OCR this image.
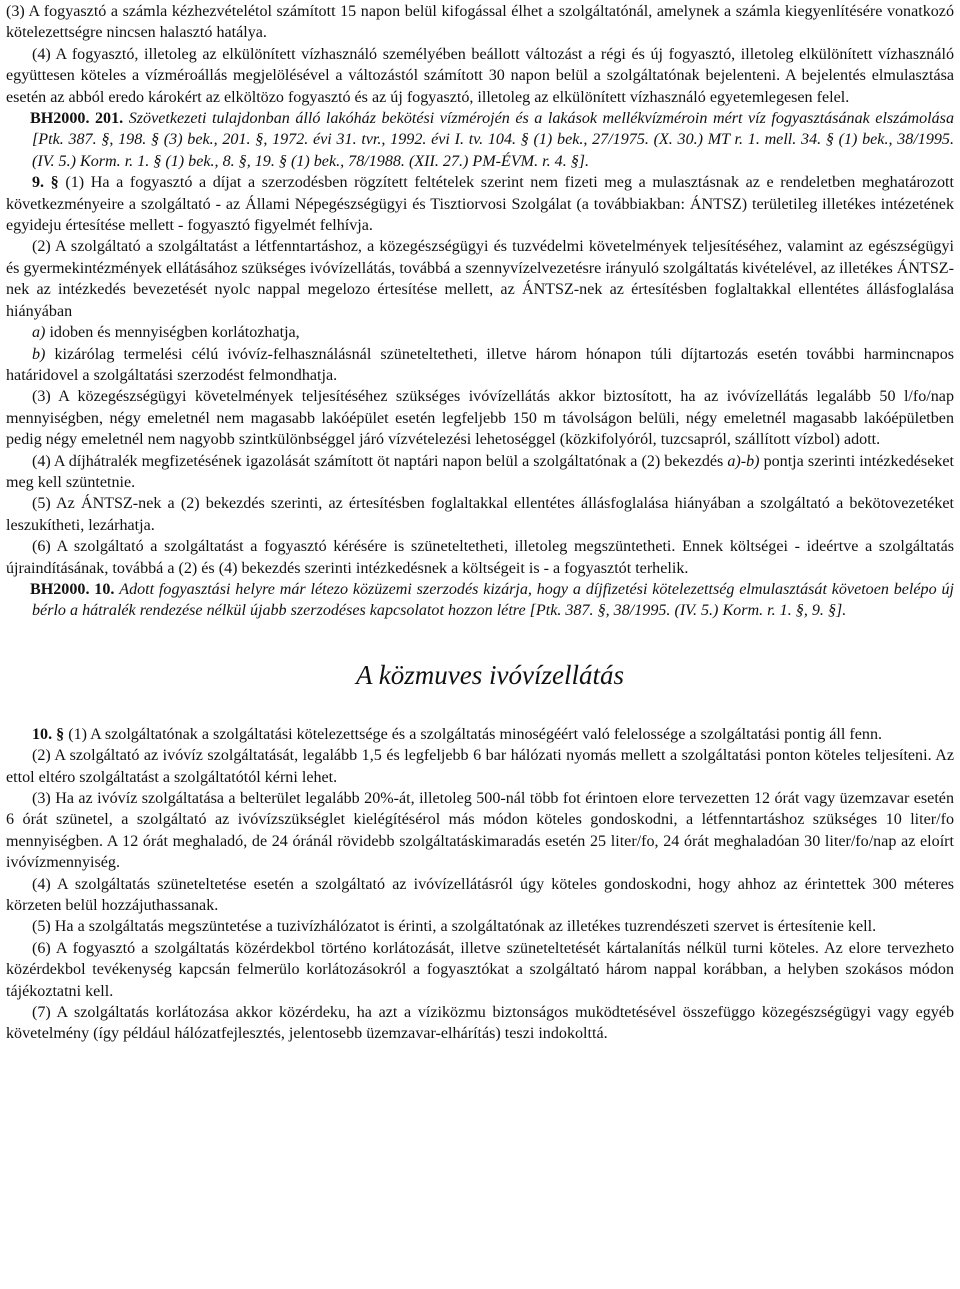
(3) A fogyasztó a számla kézhezvételétol számított 15 napon belül kifogással élhet a szolgáltatónál, amelynek a számla kiegyenlítésére vonatkozó kötelezettségre nincsen halasztó hatálya.

(4) A fogyasztó, illetoleg az elkülönített vízhasználó személyében beállott változást a régi és új fogyasztó, illetoleg elkülönített vízhasználó együttesen köteles a vízméroállás megjelölésével a változástól számított 30 napon belül a szolgáltatónak bejelenteni. A bejelentés elmulasztása esetén az abból eredo károkért az elköltözo fogyasztó és az új fogyasztó, illetoleg az elkülönített vízhasználó egyetemlegesen felel.

BH2000. 201. Szövetkezeti tulajdonban álló lakóház bekötési vízmérojén és a lakások mellékvízméroin mért víz fogyasztásának elszámolása [Ptk. 387. §, 198. § (3) bek., 201. §, 1972. évi 31. tvr., 1992. évi I. tv. 104. § (1) bek., 27/1975. (X. 30.) MT r. 1. mell. 34. § (1) bek., 38/1995. (IV. 5.) Korm. r. 1. § (1) bek., 8. §, 19. § (1) bek., 78/1988. (XII. 27.) PM-ÉVM. r. 4. §].

9. § (1) Ha a fogyasztó a díjat a szerzodésben rögzített feltételek szerint nem fizeti meg a mulasztásnak az e rendeletben meghatározott következményeire a szolgáltató - az Állami Népegészségügyi és Tisztiorvosi Szolgálat (a továbbiakban: ÁNTSZ) területileg illetékes intézetének egyideju értesítése mellett - fogyasztó figyelmét felhívja.

(2) A szolgáltató a szolgáltatást a létfenntartáshoz, a közegészségügyi és tuzvédelmi követelmények teljesítéséhez, valamint az egészségügyi és gyermekintézmények ellátásához szükséges ivóvízellátás, továbbá a szennyvízelvezetésre irányuló szolgáltatás kivételével, az illetékes ÁNTSZ-nek az intézkedés bevezetését nyolc nappal megelozo értesítése mellett, az ÁNTSZ-nek az értesítésben foglaltakkal ellentétes állásfoglalása hiányában

a) idoben és mennyiségben korlátozhatja,

b) kizárólag termelési célú ivóvíz-felhasználásnál szüneteltetheti, illetve három hónapon túli díjtartozás esetén további harmincnapos határidovel a szolgáltatási szerzodést felmondhatja.

(3) A közegészségügyi követelmények teljesítéséhez szükséges ivóvízellátás akkor biztosított, ha az ivóvízellátás legalább 50 l/fo/nap mennyiségben, négy emeletnél nem magasabb lakóépület esetén legfeljebb 150 m távolságon belüli, négy emeletnél magasabb lakóépületben pedig négy emeletnél nem nagyobb szintkülönbséggel járó vízvételezési lehetoséggel (közkifolyóról, tuzcsapról, szállított vízbol) adott.

(4) A díjhátralék megfizetésének igazolását számított öt naptári napon belül a szolgáltatónak a (2) bekezdés a)-b) pontja szerinti intézkedéseket meg kell szüntetnie.

(5) Az ÁNTSZ-nek a (2) bekezdés szerinti, az értesítésben foglaltakkal ellentétes állásfoglalása hiányában a szolgáltató a bekötovezetéket leszukítheti, lezárhatja.

(6) A szolgáltató a szolgáltatást a fogyasztó kérésére is szüneteltetheti, illetoleg megszüntetheti. Ennek költségei - ideértve a szolgáltatás újraindításának, továbbá a (2) és (4) bekezdés szerinti intézkedésnek a költségeit is - a fogyasztót terhelik.

BH2000. 10. Adott fogyasztási helyre már létezo közüzemi szerzodés kizárja, hogy a díjfizetési kötelezettség elmulasztását követoen belépo új bérlo a hátralék rendezése nélkül újabb szerzodéses kapcsolatot hozzon létre [Ptk. 387. §, 38/1995. (IV. 5.) Korm. r. 1. §, 9. §].

A közmuves ivóvízellátás

10. § (1) A szolgáltatónak a szolgáltatási kötelezettsége és a szolgáltatás minoségéért való felelossége a szolgáltatási pontig áll fenn.

(2) A szolgáltató az ivóvíz szolgáltatását, legalább 1,5 és legfeljebb 6 bar hálózati nyomás mellett a szolgáltatási ponton köteles teljesíteni. Az ettol eltéro szolgáltatást a szolgáltatótól kérni lehet.

(3) Ha az ivóvíz szolgáltatása a belterület legalább 20%-át, illetoleg 500-nál több fot érintoen elore tervezetten 12 órát vagy üzemzavar esetén 6 órát szünetel, a szolgáltató az ivóvízszükséglet kielégítésérol más módon köteles gondoskodni, a létfenntartáshoz szükséges 10 liter/fo mennyiségben. A 12 órát meghaladó, de 24 óránál rövidebb szolgáltatáskimaradás esetén 25 liter/fo, 24 órát meghaladóan 30 liter/fo/nap az eloírt ivóvízmennyiség.

(4) A szolgáltatás szüneteltetése esetén a szolgáltató az ivóvízellátásról úgy köteles gondoskodni, hogy ahhoz az érintettek 300 méteres körzeten belül hozzájuthassanak.

(5) Ha a szolgáltatás megszüntetése a tuzivízhálózatot is érinti, a szolgáltatónak az illetékes tuzrendészeti szervet is értesítenie kell.

(6) A fogyasztó a szolgáltatás közérdekbol történo korlátozását, illetve szüneteltetését kártalanítás nélkül turni köteles. Az elore tervezheto közérdekbol tevékenység kapcsán felmerülo korlátozásokról a fogyasztókat a szolgáltató három nappal korábban, a helyben szokásos módon tájékoztatni kell.

(7) A szolgáltatás korlátozása akkor közérdeku, ha azt a víziközmu biztonságos muködtetésével összefüggo közegészségügyi vagy egyéb követelmény (így például hálózatfejlesztés, jelentosebb üzemzavar-elhárítás) teszi indokolttá.
